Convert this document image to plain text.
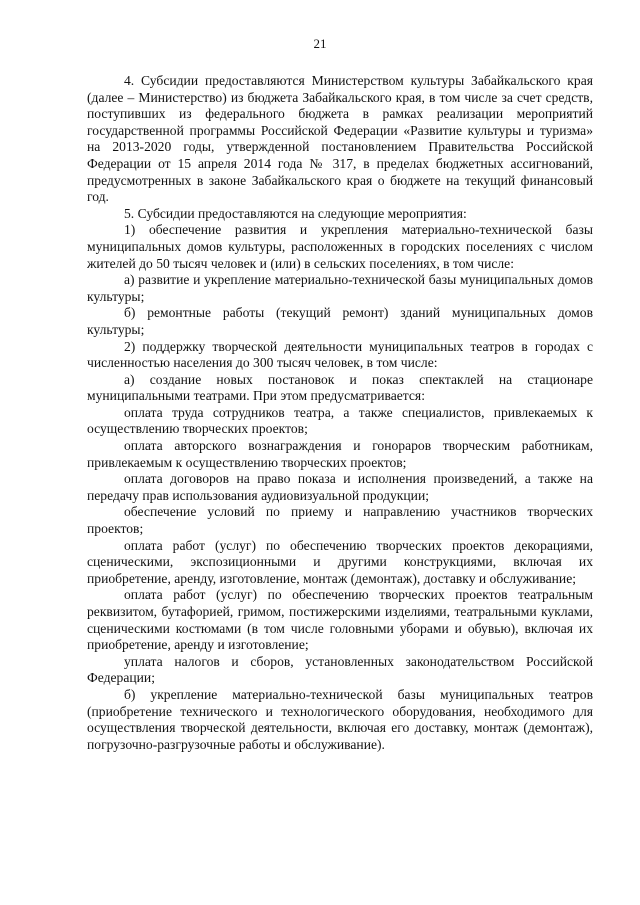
21

4. Субсидии предоставляются Министерством культуры Забайкальского края (далее – Министерство) из бюджета Забайкальского края, в том числе за счет средств, поступивших из федерального бюджета в рамках реализации мероприятий государственной программы Российской Федерации «Развитие культуры и туризма» на 2013-2020 годы, утвержденной постановлением Правительства Российской Федерации от 15 апреля 2014 года № 317, в пределах бюджетных ассигнований, предусмотренных в законе Забайкальского края о бюджете на текущий финансовый год.

5. Субсидии предоставляются на следующие мероприятия:

1) обеспечение развития и укрепления материально-технической базы муниципальных домов культуры, расположенных в городских поселениях с числом жителей до 50 тысяч человек и (или) в сельских поселениях, в том числе:

а) развитие и укрепление материально-технической базы муниципальных домов культуры;

б) ремонтные работы (текущий ремонт) зданий муниципальных домов культуры;

2) поддержку творческой деятельности муниципальных театров в городах с численностью населения до 300 тысяч человек, в том числе:

а) создание новых постановок и показ спектаклей на стационаре муниципальными театрами. При этом предусматривается:

оплата труда сотрудников театра, а также специалистов, привлекаемых к осуществлению творческих проектов;

оплата авторского вознаграждения и гонораров творческим работникам, привлекаемым к осуществлению творческих проектов;

оплата договоров на право показа и исполнения произведений, а также на передачу прав использования аудиовизуальной продукции;

обеспечение условий по приему и направлению участников творческих проектов;

оплата работ (услуг) по обеспечению творческих проектов декорациями, сценическими, экспозиционными и другими конструкциями, включая их приобретение, аренду, изготовление, монтаж (демонтаж), доставку и обслуживание;

оплата работ (услуг) по обеспечению творческих проектов театральным реквизитом, бутафорией, гримом, постижерскими изделиями, театральными куклами, сценическими костюмами (в том числе головными уборами и обувью), включая их приобретение, аренду и изготовление;

уплата налогов и сборов, установленных законодательством Российской Федерации;

б) укрепление материально-технической базы муниципальных театров (приобретение технического и технологического оборудования, необходимого для осуществления творческой деятельности, включая его доставку, монтаж (демонтаж), погрузочно-разгрузочные работы и обслуживание).
